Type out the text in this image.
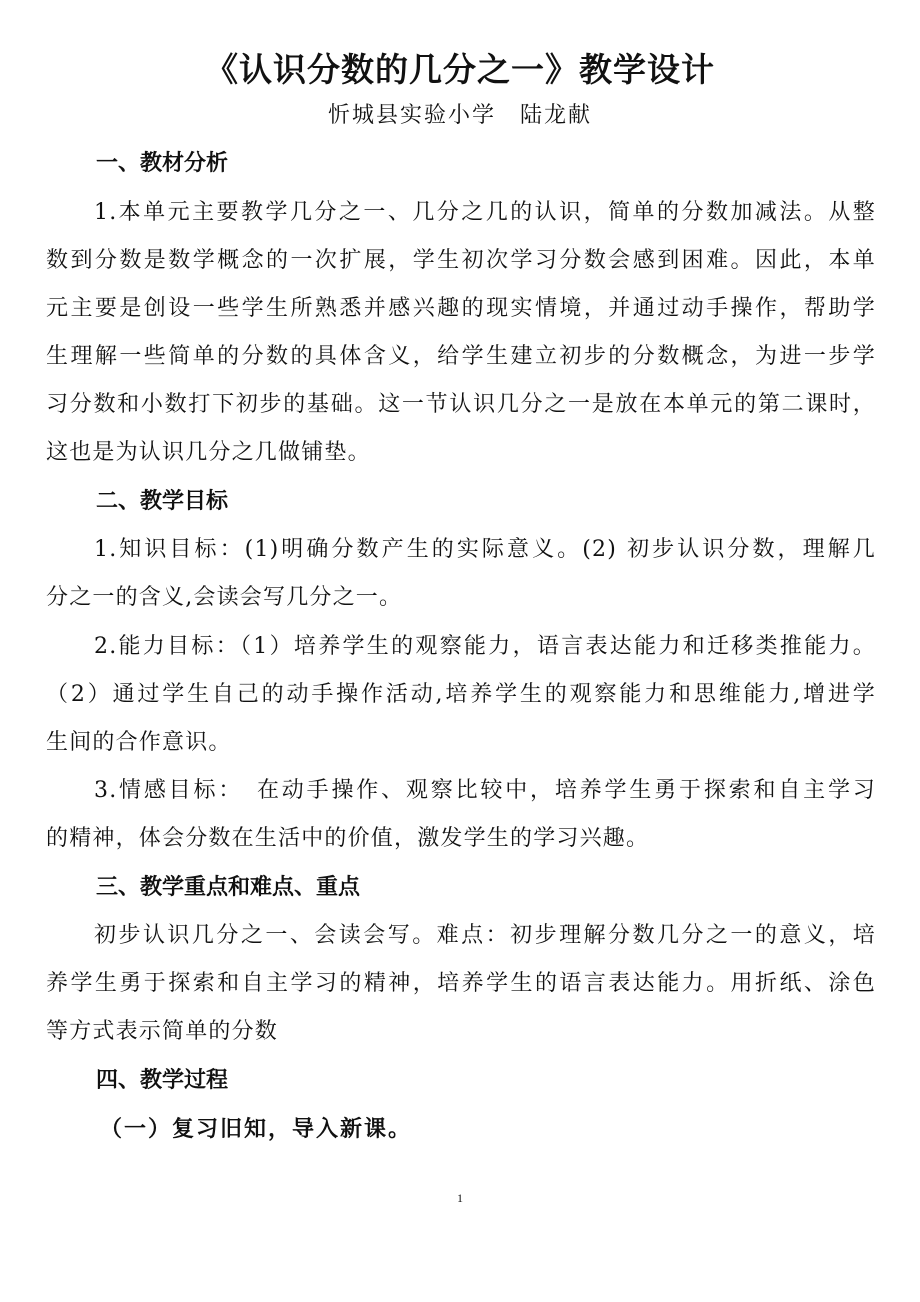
《认识分数的几分之一》教学设计
忻城县实验小学　陆龙献
一、教材分析
1.本单元主要教学几分之一、几分之几的认识，简单的分数加减法。从整
数到分数是数学概念的一次扩展，学生初次学习分数会感到困难。因此，本单
元主要是创设一些学生所熟悉并感兴趣的现实情境，并通过动手操作，帮助学
生理解一些简单的分数的具体含义，给学生建立初步的分数概念，为进一步学
习分数和小数打下初步的基础。这一节认识几分之一是放在本单元的第二课时，
这也是为认识几分之几做铺垫。
二、教学目标
1.知识目标：(1)明确分数产生的实际意义。(2) 初步认识分数，理解几
分之一的含义,会读会写几分之一。
2.能力目标：（1）培养学生的观察能力，语言表达能力和迁移类推能力。
（2）通过学生自己的动手操作活动,培养学生的观察能力和思维能力,增进学
生间的合作意识。
3.情感目标：　在动手操作、观察比较中，培养学生勇于探索和自主学习
的精神，体会分数在生活中的价值，激发学生的学习兴趣。
三、教学重点和难点、重点
初步认识几分之一、会读会写。难点：初步理解分数几分之一的意义，培
养学生勇于探索和自主学习的精神，培养学生的语言表达能力。用折纸、涂色
等方式表示简单的分数
四、教学过程
（一）复习旧知，导入新课。
1
